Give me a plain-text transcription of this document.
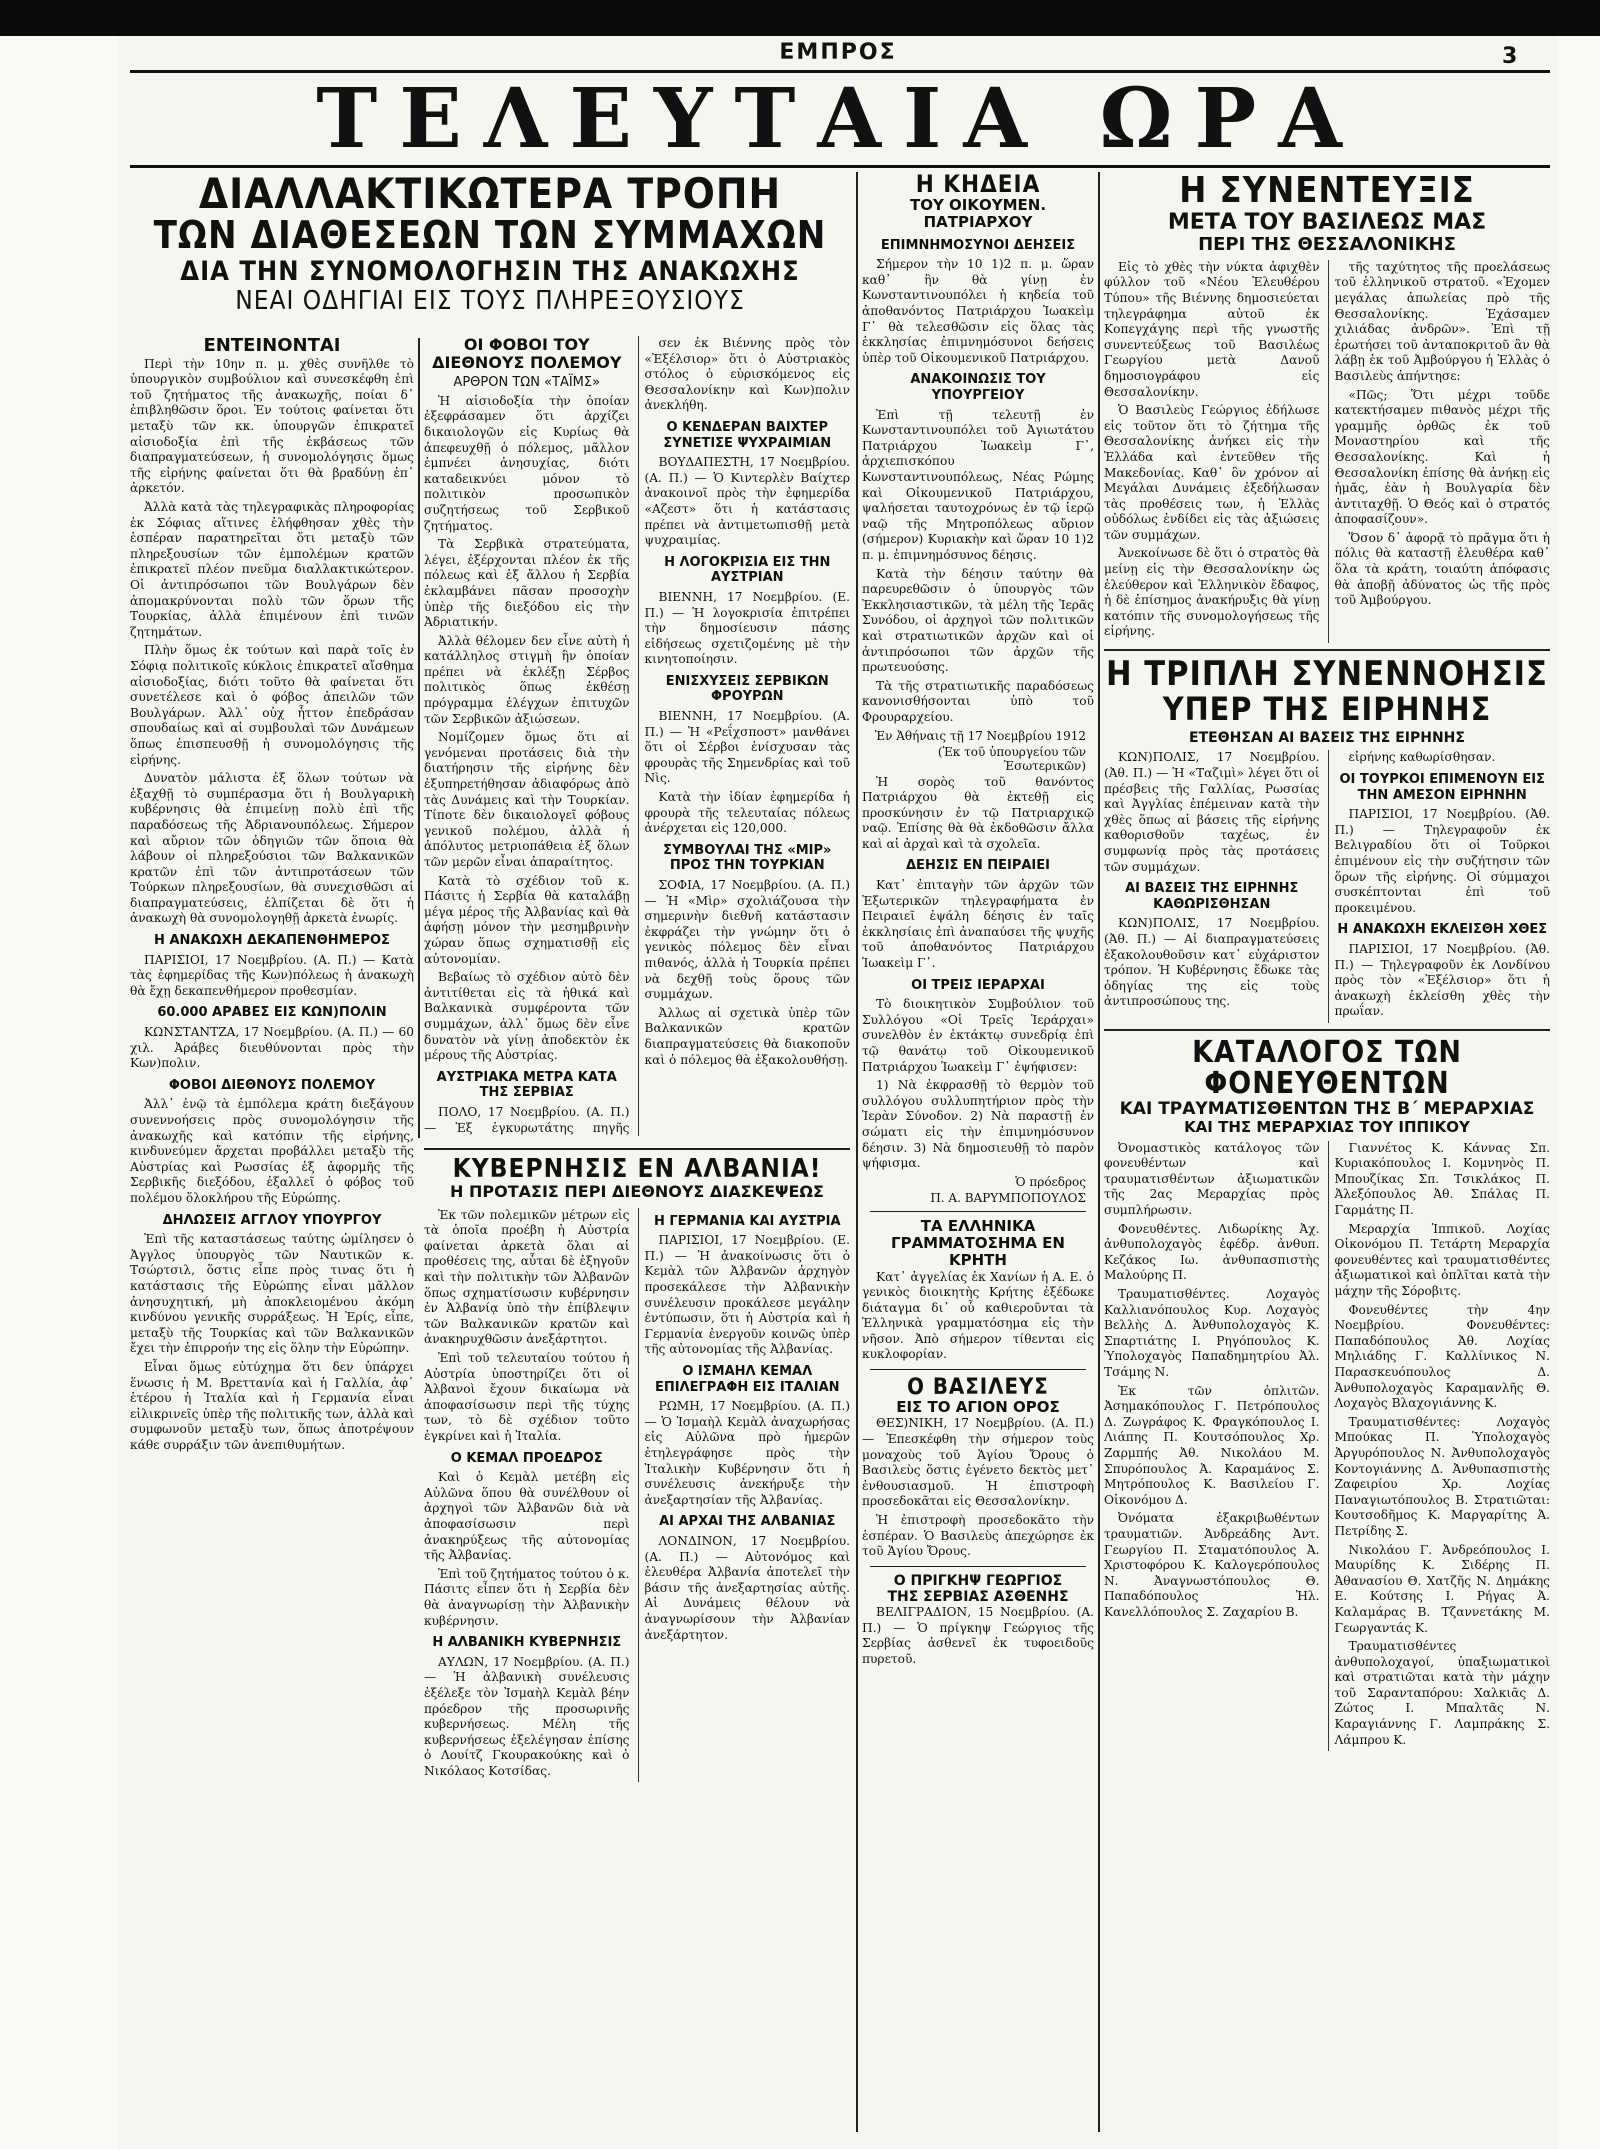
ΕΜΠΡΟΣ	3
ΤΕΛΕΥΤΑΙΑ ΩΡΑ
ΔΙΑΛΛΑΚΤΙΚΩΤΕΡΑ ΤΡΟΠΗ
ΤΩΝ ΔΙΑΘΕΣΕΩΝ ΤΩΝ ΣΥΜΜΑΧΩΝ
ΔΙΑ ΤΗΝ ΣΥΝΟΜΟΛΟΓΗΣΙΝ ΤΗΣ ΑΝΑΚΩΧΗΣ
ΝΕΑΙ ΟΔΗΓΙΑΙ ΕΙΣ ΤΟΥΣ ΠΛΗΡΕΞΟΥΣΙΟΥΣ
ΕΝΤΕΙΝΟΝΤΑΙ

Περὶ τὴν 10ην π. μ. χθὲς συνῆλθε τὸ ὑπουργικὸν συμβούλιον καὶ συνεσκέφθη ἐπὶ τοῦ ζητήματος τῆς ἀνακωχῆς, ποίαι δ᾽ ἐπιβληθῶσιν ὅροι. Ἐν τούτοις φαίνεται ὅτι μεταξὺ τῶν κκ. ὑπουργῶν ἐπικρατεῖ αἰσιοδοξία ἐπὶ τῆς ἐκβάσεως τῶν διαπραγματεύσεων, ἡ συνομολόγησις ὅμως τῆς εἰρήνης φαίνεται ὅτι θὰ βραδύνῃ ἐπ᾽ ἀρκετόν.

Ἀλλὰ κατὰ τὰς τηλεγραφικὰς πληροφορίας ἐκ Σόφιας αἵτινες ἐλήφθησαν χθὲς τὴν ἑσπέραν παρατηρεῖται ὅτι μεταξὺ τῶν πληρεξουσίων τῶν ἐμπολέμων κρατῶν ἐπικρατεῖ πλέον πνεῦμα διαλλακτικώτερον. Οἱ ἀντιπρόσωποι τῶν Βουλγάρων δὲν ἀπομακρύνονται πολὺ τῶν ὅρων τῆς Τουρκίας, ἀλλὰ ἐπιμένουν ἐπὶ τινῶν ζητημάτων.

Πλὴν ὅμως ἐκ τούτων καὶ παρὰ τοῖς ἐν Σόφιᾳ πολιτικοῖς κύκλοις ἐπικρατεῖ αἴσθημα αἰσιοδοξίας, διότι τοῦτο θὰ φαίνεται ὅτι συνετέλεσε καὶ ὁ φόβος ἀπειλῶν τῶν Βουλγάρων. Ἀλλ᾽ οὐχ ἧττον ἐπεδράσαν σπουδαίως καὶ αἱ συμβουλαὶ τῶν Δυνάμεων ὅπως ἐπισπευσθῇ ἡ συνομολόγησις τῆς εἰρήνης.

Δυνατὸν μάλιστα ἐξ ὅλων τούτων νὰ ἐξαχθῇ τὸ συμπέρασμα ὅτι ἡ Βουλγαρικὴ κυβέρνησις θὰ ἐπιμείνῃ πολὺ ἐπὶ τῆς παραδόσεως τῆς Ἀδριανουπόλεως. Σήμερον καὶ αὔριον τῶν ὁδηγιῶν τῶν ὅποια θὰ λάβουν οἱ πληρεξούσιοι τῶν Βαλκανικῶν κρατῶν ἐπὶ τῶν ἀντιπροτάσεων τῶν Τούρκων πληρεξουσίων, θὰ συνεχισθῶσι αἱ διαπραγματεύσεις, ἐλπίζεται δὲ ὅτι ἡ ἀνακωχὴ θὰ συνομολογηθῇ ἀρκετὰ ἐνωρίς.

Η ΑΝΑΚΩΧΗ ΔΕΚΑΠΕΝΘΗΜΕΡΟΣ

ΠΑΡΙΣΙΟΙ, 17 Νοεμβρίου. (Α. Π.) — Κατὰ τὰς ἐφημερίδας τῆς Κων)πόλεως ἡ ἀνακωχὴ θὰ ἔχῃ δεκαπενθήμερον προθεσμίαν.

60.000 ΑΡΑΒΕΣ ΕΙΣ ΚΩΝ)ΠΟΛΙΝ

ΚΩΝΣΤΑΝΤΖΑ, 17 Νοεμβρίου. (Α. Π.) — 60 χιλ. Ἀράβες διευθύνονται πρὸς τὴν Κων)πολιν.

ΦΟΒΟΙ ΔΙΕΘΝΟΥΣ ΠΟΛΕΜΟΥ

Ἀλλ᾽ ἐνῷ τὰ ἐμπόλεμα κράτη διεξάγουν συνεννοήσεις πρὸς συνομολόγησιν τῆς ἀνακωχῆς καὶ κατόπιν τῆς εἰρήνης, κινδυνεύμεν ἄρχεται προβάλλει μεταξὺ τῆς Αὐστρίας καὶ Ρωσσίας ἐξ ἀφορμῆς τῆς Σερβικῆς διεξόδου, ἐξαλλεῖ ὁ φόβος τοῦ πολέμου ὅλοκλήρου τῆς Εὐρώπης.

ΔΗΛΩΣΕΙΣ ΑΓΓΛΟΥ ΥΠΟΥΡΓΟΥ

Ἐπὶ τῆς καταστάσεως ταύτης ὡμίλησεν ὁ Ἀγγλος ὑπουργὸς τῶν Ναυτικῶν κ. Τσώρτσιλ, ὅστις εἶπε πρὸς τινας ὅτι ἡ κατάστασις τῆς Εὐρώπης εἶναι μᾶλλον ἀνησυχητική, μὴ ἀποκλειομένου ἀκόμη κινδύνου γενικῆς συρράξεως. Ἡ Ἐρίς, εἶπε, μεταξὺ τῆς Τουρκίας καὶ τῶν Βαλκανικῶν ἔχει τὴν ἐπιρροήν της εἰς ὅλην τὴν Εὐρώπην.

Εἶναι ὅμως εὐτύχημα ὅτι δεν ὑπάρχει ἕνωσις ἡ Μ. Βρεττανία καὶ ἡ Γαλλία, ἀφ᾽ ἑτέρου ἡ Ἰταλία καὶ ἡ Γερμανία εἶναι εἰλικρινεῖς ὑπὲρ τῆς πολιτικῆς των, ἀλλὰ καὶ συμφωνοῦν μεταξὺ των, ὅπως ἀποτρέψουν κάθε συρράξιν τῶν ἀνεπιθυμήτων.

ΟΙ ΦΟΒΟΙ ΤΟΥ ΔΙΕΘΝΟΥΣ ΠΟΛΕΜΟΥ
ΑΡΘΡΟΝ ΤΩΝ «ΤΑΪΜΣ»

Ἡ αἰσιοδοξία τὴν ὁποίαν ἐξεφράσαμεν ὅτι ἀρχίζει δικαιολογῶν εἰς Κυρίως θὰ ἀπεφευχθῇ ὁ πόλεμος, μᾶλλον ἐμπνέει ἀνησυχίας, διότι καταδεικνύει μόνον τὸ πολιτικὸν προσωπικὸν συζητήσεως τοῦ Σερβικοῦ ζητήματος.

Τὰ Σερβικὰ στρατεύματα, λέγει, ἐξέρχονται πλέον ἐκ τῆς πόλεως καὶ ἐξ ἄλλου ἡ Σερβία ἐκλαμβάνει πᾶσαν προσοχὴν ὑπὲρ τῆς διεξόδου εἰς τὴν Ἀδριατικήν.

Ἀλλὰ θέλομεν δεν εἶνε αὐτὴ ἡ κατάλληλος στιγμὴ ἣν ὁποίαν πρέπει νὰ ἐκλέξῃ Σέρβος πολιτικὸς ὅπως ἐκθέσῃ πρόγραμμα ἐλέγχων ἐπιτυχῶν τῶν Σερβικῶν ἀξιώσεων.

Νομίζομεν ὅμως ὅτι αἱ γενόμεναι προτάσεις διὰ τὴν διατήρησιν τῆς εἰρήνης δὲν ἐξυπηρετήθησαν ἀδιαφόρως ἀπὸ τὰς Δυνάμεις καὶ τὴν Τουρκίαν. Τίποτε δὲν δικαιολογεῖ φόβους γενικοῦ πολέμου, ἀλλὰ ἡ ἀπόλυτος μετριοπάθεια ἐξ ὅλων τῶν μερῶν εἶναι ἀπαραίτητος.

Κατὰ τὸ σχέδιον τοῦ κ. Πάσιτς ἡ Σερβία θὰ καταλάβῃ μέγα μέρος τῆς Ἀλβανίας καὶ θὰ ἀφήσῃ μόνον τὴν μεσημβρινὴν χώραν ὅπως σχηματισθῇ εἰς αὐτονομίαν.

Βεβαίως τὸ σχέδιον αὐτὸ δὲν ἀντιτίθεται εἰς τὰ ἡθικά καὶ Βαλκανικὰ συμφέροντα τῶν συμμάχων, ἀλλ᾽ ὅμως δὲν εἶνε δυνατὸν νὰ γίνῃ ἀποδεκτὸν ἐκ μέρους τῆς Αὐστρίας.

ΑΥΣΤΡΙΑΚΑ ΜΕΤΡΑ ΚΑΤΑ ΤΗΣ ΣΕΡΒΙΑΣ

ΠΟΛΟ, 17 Νοεμβρίου. (Α. Π.) — Ἐξ ἐγκυρωτάτης πηγῆς

σεν ἐκ Βιέννης πρὸς τὸν «Ἐξέλσιορ» ὅτι ὁ Αὐστριακὸς στόλος ὁ εὑρισκόμενος εἰς Θεσσαλονίκην καὶ Κων)πολιν ἀνεκλήθη.

Ο ΚΕΝΔΕΡΑΝ ΒΑΙΧΤΕΡ ΣΥΝΕΤΙΣΕ ΨΥΧΡΑΙΜΙΑΝ

ΒΟΥΔΑΠΕΣΤΗ, 17 Νοεμβρίου. (Α. Π.) — Ὁ Κιντερλὲν Βαίχτερ ἀνακοινοῖ πρὸς τὴν ἐφημερίδα «Αζεστ» ὅτι ἡ κατάστασις πρέπει νὰ ἀντιμετωπισθῇ μετὰ ψυχραιμίας.

Η ΛΟΓΟΚΡΙΣΙΑ ΕΙΣ ΤΗΝ ΑΥΣΤΡΙΑΝ

ΒΙΕΝΝΗ, 17 Νοεμβρίου. (Ε. Π.) — Ἡ λογοκρισία ἐπιτρέπει τὴν δημοσίευσιν πάσης εἰδήσεως σχετιζομένης μὲ τὴν κινητοποίησιν.

ΕΝΙΣΧΥΣΕΙΣ ΣΕΡΒΙΚΩΝ ΦΡΟΥΡΩΝ

ΒΙΕΝΝΗ, 17 Νοεμβρίου. (Α. Π.) — Ἡ «Ρεΐχσποστ» μανθάνει ὅτι οἱ Σέρβοι ἐνίσχυσαν τὰς φρουρὰς τῆς Σημενδρίας καὶ τοῦ Νὶς.

Κατὰ τὴν ἰδίαν ἐφημερίδα ἡ φρουρὰ τῆς τελευταίας πόλεως ἀνέρχεται εἰς 120,000.

ΣΥΜΒΟΥΛΑΙ ΤΗΣ «ΜΙΡ» ΠΡΟΣ ΤΗΝ ΤΟΥΡΚΙΑΝ

ΣΟΦΙΑ, 17 Νοεμβρίου. (Α. Π.) — Ἡ «Μὶρ» σχολιάζουσα τὴν σημερινὴν διεθνῆ κατάστασιν ἐκφράζει τὴν γνώμην ὅτι ὁ γενικὸς πόλεμος δὲν εἶναι πιθανός, ἀλλὰ ἡ Τουρκία πρέπει νὰ δεχθῇ τοὺς ὅρους τῶν συμμάχων.

Ἀλλως αἱ σχετικὰ ὑπὲρ τῶν Βαλκανικῶν κρατῶν διαπραγματεύσεις θὰ διακοποῦν καὶ ὁ πόλεμος θὰ ἐξακολουθήσῃ.

ΚΥΒΕΡΝΗΣΙΣ ΕΝ ΑΛΒΑΝΙΑ!
Η ΠΡΟΤΑΣΙΣ ΠΕΡΙ ΔΙΕΘΝΟΥΣ ΔΙΑΣΚΕΨΕΩΣ

Ἐκ τῶν πολεμικῶν μέτρων εἰς τὰ ὁποῖα προέβη ἡ Αὐστρία φαίνεται ἀρκετὰ ὅλαι αἱ προθέσεις της, αὗται δὲ ἐξηγοῦν καὶ τὴν πολιτικὴν τῶν Ἀλβανῶν ὅπως σχηματίσωσιν κυβέρνησιν ἐν Ἀλβανίᾳ ὑπὸ τὴν ἐπίβλεψιν τῶν Βαλκανικῶν κρατῶν καὶ ἀνακηρυχθῶσιν ἀνεξάρτητοι.

Ἐπὶ τοῦ τελευταίου τούτου ἡ Αὐστρία ὑποστηρίζει ὅτι οἱ Ἀλβανοὶ ἔχουν δικαίωμα νὰ ἀποφασίσωσιν περὶ τῆς τύχης των, τὸ δὲ σχέδιον τοῦτο ἐγκρίνει καὶ ἡ Ἰταλία.

Ο ΚΕΜΑΛ ΠΡΟΕΔΡΟΣ

Καὶ ὁ Κεμὰλ μετέβη εἰς Αὐλῶνα ὅπου θὰ συνέλθουν οἱ ἀρχηγοὶ τῶν Ἀλβανῶν διὰ νὰ ἀποφασίσωσιν περὶ ἀνακηρύξεως τῆς αὐτονομίας τῆς Ἀλβανίας.

Ἐπὶ τοῦ ζητήματος τούτου ὁ κ. Πάσιτς εἶπεν ὅτι ἡ Σερβία δὲν θὰ ἀναγνωρίσῃ τὴν Ἀλβανικὴν κυβέρνησιν.

Η ΑΛΒΑΝΙΚΗ ΚΥΒΕΡΝΗΣΙΣ

ΑΥΛΩΝ, 17 Νοεμβρίου. (Α. Π.) — Ἡ ἀλβανικὴ συνέλευσις ἐξέλεξε τὸν Ἰσμαὴλ Κεμὰλ βέην πρόεδρον τῆς προσωρινῆς κυβερνήσεως. Μέλη τῆς κυβερνήσεως ἐξελέγησαν ἐπίσης ὁ Λουίτζ Γκουρακούκης καὶ ὁ Νικόλαος Κοτσίδας.

Η ΓΕΡΜΑΝΙΑ ΚΑΙ ΑΥΣΤΡΙΑ

ΠΑΡΙΣΙΟΙ, 17 Νοεμβρίου. (Ε. Π.) — Ἡ ἀνακοίνωσις ὅτι ὁ Κεμὰλ τῶν Ἀλβανῶν ἀρχηγὸν προσεκάλεσε τὴν Ἀλβανικὴν συνέλευσιν προκάλεσε μεγάλην ἐντύπωσιν, ὅτι ἡ Αὐστρία καὶ ἡ Γερμανία ἐνεργοῦν κοινῶς ὑπὲρ τῆς αὐτονομίας τῆς Ἀλβανίας.

Ο ΙΣΜΑΗΛ ΚΕΜΑΛ ΕΠΙΛΕΓΡΑΦΗ ΕΙΣ ΙΤΑΛΙΑΝ

ΡΩΜΗ, 17 Νοεμβρίου. (Α. Π.) — Ὁ Ἰσμαὴλ Κεμὰλ ἀναχωρήσας εἰς Αὐλῶνα πρὸ ἡμερῶν ἐτηλεγράφησε πρὸς τὴν Ἰταλικὴν Κυβέρνησιν ὅτι ἡ συνέλευσις ἀνεκήρυξε τὴν ἀνεξαρτησίαν τῆς Ἀλβανίας.

ΑΙ ΑΡΧΑΙ ΤΗΣ ΑΛΒΑΝΙΑΣ

ΛΟΝΔΙΝΟΝ, 17 Νοεμβρίου. (Α. Π.) — Αὐτονόμος καὶ ἐλευθέρα Ἀλβανία ἀποτελεῖ τὴν βάσιν τῆς ἀνεξαρτησίας αὐτῆς. Αἱ Δυνάμεις θέλουν νὰ ἀναγνωρίσουν τὴν Ἀλβανίαν ἀνεξάρτητον.

Η ΚΗΔΕΙΑ
ΤΟΥ ΟΙΚΟΥΜΕΝ. ΠΑΤΡΙΑΡΧΟΥ
ΕΠΙΜΝΗΜΟΣΥΝΟΙ ΔΕΗΣΕΙΣ

Σήμερον τὴν 10 1)2 π. μ. ὥραν καθ᾽ ἣν θὰ γίνῃ ἐν Κωνσταντινουπόλει ἡ κηδεία τοῦ ἀποθανόντος Πατριάρχου Ἰωακεὶμ Γ᾽ θὰ τελεσθῶσιν εἰς ὅλας τὰς ἐκκλησίας ἐπιμνημόσυνοι δεήσεις ὑπὲρ τοῦ Οἰκουμενικοῦ Πατριάρχου.

ΑΝΑΚΟΙΝΩΣΙΣ ΤΟΥ ΥΠΟΥΡΓΕΙΟΥ

Ἐπὶ τῇ τελευτῇ ἐν Κωνσταντινουπόλει τοῦ Ἀγιωτάτου Πατριάρχου Ἰωακεὶμ Γ᾽, ἀρχιεπισκόπου Κωνσταντινουπόλεως, Νέας Ρώμης καὶ Οἰκουμενικοῦ Πατριάρχου, ψαλήσεται ταυτοχρόνως ἐν τῷ ἱερῷ ναῷ τῆς Μητροπόλεως αὔριον (σήμερον) Κυριακὴν καὶ ὥραν 10 1)2 π. μ. ἐπιμνημόσυνος δέησις.

Κατὰ τὴν δέησιν ταύτην θὰ παρευρεθῶσιν ὁ ὑπουργὸς τῶν Ἐκκλησιαστικῶν, τὰ μέλη τῆς Ἱερᾶς Συνόδου, οἱ ἀρχηγοὶ τῶν πολιτικῶν καὶ στρατιωτικῶν ἀρχῶν καὶ οἱ ἀντιπρόσωποι τῶν ἀρχῶν τῆς πρωτευούσης.

Τὰ τῆς στρατιωτικῆς παραδόσεως κανονισθήσονται ὑπὸ τοῦ Φρουραρχείου.

Ἐν Ἀθήναις τῇ 17 Νοεμβρίου 1912
(Ἐκ τοῦ ὑπουργείου τῶν Ἐσωτερικῶν)

Ἡ σορὸς τοῦ θανόντος Πατριάρχου θὰ ἐκτεθῇ εἰς προσκύνησιν ἐν τῷ Πατριαρχικῷ ναῷ. Ἐπίσης θὰ θὰ ἐκδοθῶσιν ἄλλα καὶ αἱ ἀρχαὶ καὶ τὰ σχολεῖα.

ΔΕΗΣΙΣ ΕΝ ΠΕΙΡΑΙΕΙ

Κατ᾽ ἐπιταγὴν τῶν ἀρχῶν τῶν Ἐξωτερικῶν τηλεγραφήματα ἐν Πειραιεῖ ἐψάλη δέησις ἐν ταῖς ἐκκλησίαις ἐπὶ ἀναπαύσει τῆς ψυχῆς τοῦ ἀποθανόντος Πατριάρχου Ἰωακεὶμ Γ᾽.

ΟΙ ΤΡΕΙΣ ΙΕΡΑΡΧΑΙ

Τὸ διοικητικὸν Συμβούλιον τοῦ Συλλόγου «Οἱ Τρεῖς Ἱεράρχαι» συνελθὸν ἐν ἐκτάκτῳ συνεδρίᾳ ἐπὶ τῷ θανάτῳ τοῦ Οἰκουμενικοῦ Πατριάρχου Ἰωακεὶμ Γ᾽ ἐψήφισεν:

1) Νὰ ἐκφρασθῇ τὸ θερμὸν τοῦ συλλόγου συλλυπητήριον πρὸς τὴν Ἱερὰν Σύνοδον. 2) Νὰ παραστῇ ἐν σώματι εἰς τὴν ἐπιμνημόσυνον δέησιν. 3) Νὰ δημοσιευθῇ τὸ παρὸν ψήφισμα.

Ὁ πρόεδρος
Π. Α. ΒΑΡΥΜΠΟΠΟΥΛΟΣ
ΤΑ ΕΛΛΗΝΙΚΑ ΓΡΑΜΜΑΤΟΣΗΜΑ ΕΝ ΚΡΗΤΗ

Κατ᾽ ἀγγελίας ἐκ Χανίων ἡ Α. Ε. ὁ γενικὸς διοικητὴς Κρήτης ἐξέδωκε διάταγμα δι᾽ οὗ καθιεροῦνται τὰ Ἑλληνικὰ γραμματόσημα εἰς τὴν νῆσον. Ἀπὸ σήμερον τίθενται εἰς κυκλοφορίαν.

Ο ΒΑΣΙΛΕΥΣ
ΕΙΣ ΤΟ ΑΓΙΟΝ ΟΡΟΣ

ΘΕΣ)ΝΙΚΗ, 17 Νοεμβρίου. (Α. Π.) — Ἐπεσκέφθη τὴν σήμερον τοὺς μοναχοὺς τοῦ Ἁγίου Ὄρους ὁ Βασιλεὺς ὅστις ἐγένετο δεκτὸς μετ᾽ ἐνθουσιασμοῦ. Ἡ ἐπιστροφὴ προσεδοκᾶται εἰς Θεσσαλονίκην.

Ἡ ἐπιστροφὴ προσεδοκᾶτο τὴν ἑσπέραν. Ὁ Βασιλεὺς ἀπεχώρησε ἐκ τοῦ Ἁγίου Ὄρους.

Ο ΠΡΙΓΚΗΨ ΓΕΩΡΓΙΟΣ
ΤΗΣ ΣΕΡΒΙΑΣ ΑΣΘΕΝΗΣ

ΒΕΛΙΓΡΑΔΙΟΝ, 15 Νοεμβρίου. (Α. Π.) — Ὁ πρίγκηψ Γεώργιος τῆς Σερβίας ἀσθενεῖ ἐκ τυφοειδοῦς πυρετοῦ.

Η ΣΥΝΕΝΤΕΥΞΙΣ
ΜΕΤΑ ΤΟΥ ΒΑΣΙΛΕΩΣ ΜΑΣ
ΠΕΡΙ ΤΗΣ ΘΕΣΣΑΛΟΝΙΚΗΣ

Εἰς τὸ χθὲς τὴν νύκτα ἀφιχθὲν φύλλον τοῦ «Νέου Ἐλευθέρου Τύπου» τῆς Βιέννης δημοσιεύεται τηλεγράφημα αὐτοῦ ἐκ Κοπεγχάγης περὶ τῆς γνωστῆς συνεντεύξεως τοῦ Βασιλέως Γεωργίου μετὰ Δανοῦ δημοσιογράφου εἰς Θεσσαλονίκην.

Ὁ Βασιλεὺς Γεώργιος ἐδήλωσε εἰς τοῦτον ὅτι τὸ ζήτημα τῆς Θεσσαλονίκης ἀνήκει εἰς τὴν Ἑλλάδα καὶ ἐντεῦθεν τῆς Μακεδονίας. Καθ᾽ ὃν χρόνον αἱ Μεγάλαι Δυνάμεις ἐξεδήλωσαν τὰς προθέσεις των, ἡ Ἑλλὰς οὐδόλως ἐνδίδει εἰς τὰς ἀξιώσεις τῶν συμμάχων.

Ἀνεκοίνωσε δὲ ὅτι ὁ στρατὸς θὰ μείνῃ εἰς τὴν Θεσσαλονίκην ὡς ἐλεύθερον καὶ Ἑλληνικὸν ἔδαφος, ἡ δὲ ἐπίσημος ἀνακήρυξις θὰ γίνῃ κατόπιν τῆς συνομολογήσεως τῆς εἰρήνης.

τῆς ταχύτητος τῆς προελάσεως τοῦ ἑλληνικοῦ στρατοῦ. «Ἐχομεν μεγάλας ἀπωλείας πρὸ τῆς Θεσσαλονίκης. Ἐχάσαμεν χιλιάδας ἀνδρῶν». Ἐπὶ τῇ ἐρωτήσει τοῦ ἀνταποκριτοῦ ἂν θὰ λάβῃ ἐκ τοῦ Ἀμβούργου ἡ Ἑλλὰς ὁ Βασιλεὺς ἀπήντησε:

«Πῶς; Ὅτι μέχρι τοῦδε κατεκτήσαμεν πιθανὸς μέχρι τῆς γραμμῆς ὀρθῶς ἐκ τοῦ Μοναστηρίου καὶ τῆς Θεσσαλονίκης. Καὶ ἡ Θεσσαλονίκη ἐπίσης θὰ ἀνήκῃ εἰς ἡμᾶς, ἐὰν ἡ Βουλγαρία δὲν ἀντιταχθῇ. Ὁ Θεός καὶ ὁ στρατός ἀποφασίζουν».

Ὅσον δ᾽ ἀφορᾷ τὸ πρᾶγμα ὅτι ἡ πόλις θὰ καταστῇ ἐλευθέρα καθ᾽ ὅλα τὰ κράτη, τοιαύτη ἀπόφασις θὰ ἀποβῇ ἀδύνατος ὡς τῆς πρὸς τοῦ Ἀμβούργου.

Η ΤΡΙΠΛΗ ΣΥΝΕΝΝΟΗΣΙΣ
ΥΠΕΡ ΤΗΣ ΕΙΡΗΝΗΣ
ΕΤΕΘΗΣΑΝ ΑΙ ΒΑΣΕΙΣ ΤΗΣ ΕΙΡΗΝΗΣ

ΚΩΝ)ΠΟΛΙΣ, 17 Νοεμβρίου. (Ἀθ. Π.) — Ἡ «Ταζιμὶ» λέγει ὅτι οἱ πρέσβεις τῆς Γαλλίας, Ρωσσίας καὶ Ἀγγλίας ἐπέμειναν κατὰ τὴν χθὲς ὅπως αἱ βάσεις τῆς εἰρήνης καθορισθοῦν ταχέως, ἐν συμφωνίᾳ πρὸς τὰς προτάσεις τῶν συμμάχων.

ΑΙ ΒΑΣΕΙΣ ΤΗΣ ΕΙΡΗΝΗΣ ΚΑΘΩΡΙΣΘΗΣΑΝ

ΚΩΝ)ΠΟΛΙΣ, 17 Νοεμβρίου. (Ἀθ. Π.) — Αἱ διαπραγματεύσεις ἐξακολουθοῦσιν κατ᾽ εὐχάριστον τρόπον. Ἡ Κυβέρνησις ἔδωκε τὰς ὁδηγίας της εἰς τοὺς ἀντιπροσώπους της.

εἰρήνης καθωρίσθησαν.

ΟΙ ΤΟΥΡΚΟΙ ΕΠΙΜΕΝΟΥΝ ΕΙΣ ΤΗΝ ΑΜΕΣΟΝ ΕΙΡΗΝΗΝ

ΠΑΡΙΣΙΟΙ, 17 Νοεμβρίου. (Ἀθ. Π.) — Τηλεγραφοῦν ἐκ Βελιγραδίου ὅτι οἱ Τοῦρκοι ἐπιμένουν εἰς τὴν συζήτησιν τῶν ὅρων τῆς εἰρήνης. Οἱ σύμμαχοι συσκέπτονται ἐπὶ τοῦ προκειμένου.

Η ΑΝΑΚΩΧΗ ΕΚΛΕΙΣΘΗ ΧΘΕΣ

ΠΑΡΙΣΙΟΙ, 17 Νοεμβρίου. (Ἀθ. Π.) — Τηλεγραφοῦν ἐκ Λονδίνου πρὸς τὸν «Ἐξέλσιορ» ὅτι ἡ ἀνακωχὴ ἐκλείσθη χθὲς τὴν πρωΐαν.

ΚΑΤΑΛΟΓΟΣ ΤΩΝ ΦΟΝΕΥΘΕΝΤΩΝ
ΚΑΙ ΤΡΑΥΜΑΤΙΣΘΕΝΤΩΝ ΤΗΣ Β΄ ΜΕΡΑΡΧΙΑΣ
ΚΑΙ ΤΗΣ ΜΕΡΑΡΧΙΑΣ ΤΟΥ ΙΠΠΙΚΟΥ

Ὀνομαστικὸς κατάλογος τῶν φονευθέντων καὶ τραυματισθέντων ἀξιωματικῶν τῆς 2ας Μεραρχίας πρὸς συμπλήρωσιν.

Φονευθέντες. Λιδωρίκης Ἀχ. ἀνθυπολοχαγὸς ἐφέδρ. ἀνθυπ. Κεζάκος Ιω. ἀνθυπασπιστὴς Μαλούρης Π.

Τραυματισθέντες. Λοχαγὸς Καλλιανόπουλος Κυρ. Λοχαγὸς Βελλὴς Δ. Ἀνθυπολοχαγὸς Κ. Σπαρτιάτης Ι. Ρηγόπουλος Κ. Ὑπολοχαγὸς Παπαδημητρίου Ἀλ. Τσάμης Ν.

Ἐκ τῶν ὁπλιτῶν. Ἀσημακόπουλος Γ. Πετρόπουλος Δ. Ζωγράφος Κ. Φραγκόπουλος Ι. Λιάπης Π. Κουτσόπουλος Χρ. Ζαρμπής Ἀθ. Νικολάου Μ. Σπυρόπουλος Ἀ. Καραμάνος Σ. Μητρόπουλος Κ. Βασιλείου Γ. Οἰκονόμου Δ.

Ὀνόματα ἐξακριβωθέντων τραυματιῶν. Ἀνδρεάδης Ἀντ. Γεωργίου Π. Σταματόπουλος Ἀ. Χριστοφόρου Κ. Καλογερόπουλος Ν. Ἀναγνωστόπουλος Θ. Παπαδόπουλος Ἠλ. Κανελλόπουλος Σ. Ζαχαρίου Β.

Γιαννέτος Κ. Κάννας Σπ. Κυριακόπουλος Ι. Κομνηνὸς Π. Μπουζίκας Σπ. Τσικλάκος Π. Ἀλεξόπουλος Ἀθ. Σπάλας Π. Γαρμάτης Π.

Μεραρχία Ἱππικοῦ. Λοχίας Οἰκονόμου Π. Τετάρτη Μεραρχία φονευθέντες καὶ τραυματισθέντες ἀξιωματικοὶ καὶ ὁπλῖται κατὰ τὴν μάχην τῆς Σόροβιτς.

Φονευθέντες τὴν 4ην Νοεμβρίου. Φονευθέντες: Παπαδόπουλος Ἀθ. Λοχίας Μηλιάδης Γ. Καλλίνικος Ν. Παρασκευόπουλος Δ. Ἀνθυπολοχαγὸς Καραμανλῆς Θ. Λοχαγὸς Βλαχογιάννης Κ.

Τραυματισθέντες: Λοχαγὸς Μπούκας Π. Ὑπολοχαγὸς Ἀργυρόπουλος Ν. Ἀνθυπολοχαγὸς Κοντογιάννης Δ. Ἀνθυπασπιστὴς Ζαφειρίου Χρ. Λοχίας Παναγιωτόπουλος Β. Στρατιῶται: Κουτσοδῆμος Κ. Μαργαρίτης Ἀ. Πετρίδης Σ.

Νικολάου Γ. Ἀνδρεόπουλος Ι. Μαυρίδης Κ. Σιδέρης Π. Ἀθανασίου Θ. Χατζῆς Ν. Δημάκης Ε. Κούτσης Ι. Ρήγας Ἀ. Καλαμάρας Β. Τζαννετάκης Μ. Γεωργαντάς Κ.

Τραυματισθέντες ἀνθυπολοχαγοί, ὑπαξιωματικοὶ καὶ στρατιῶται κατὰ τὴν μάχην τοῦ Σαρανταπόρου: Χαλκιᾶς Δ. Ζώτος Ι. Μπαλτᾶς Ν. Καραγιάννης Γ. Λαμπράκης Σ. Λάμπρου Κ.
